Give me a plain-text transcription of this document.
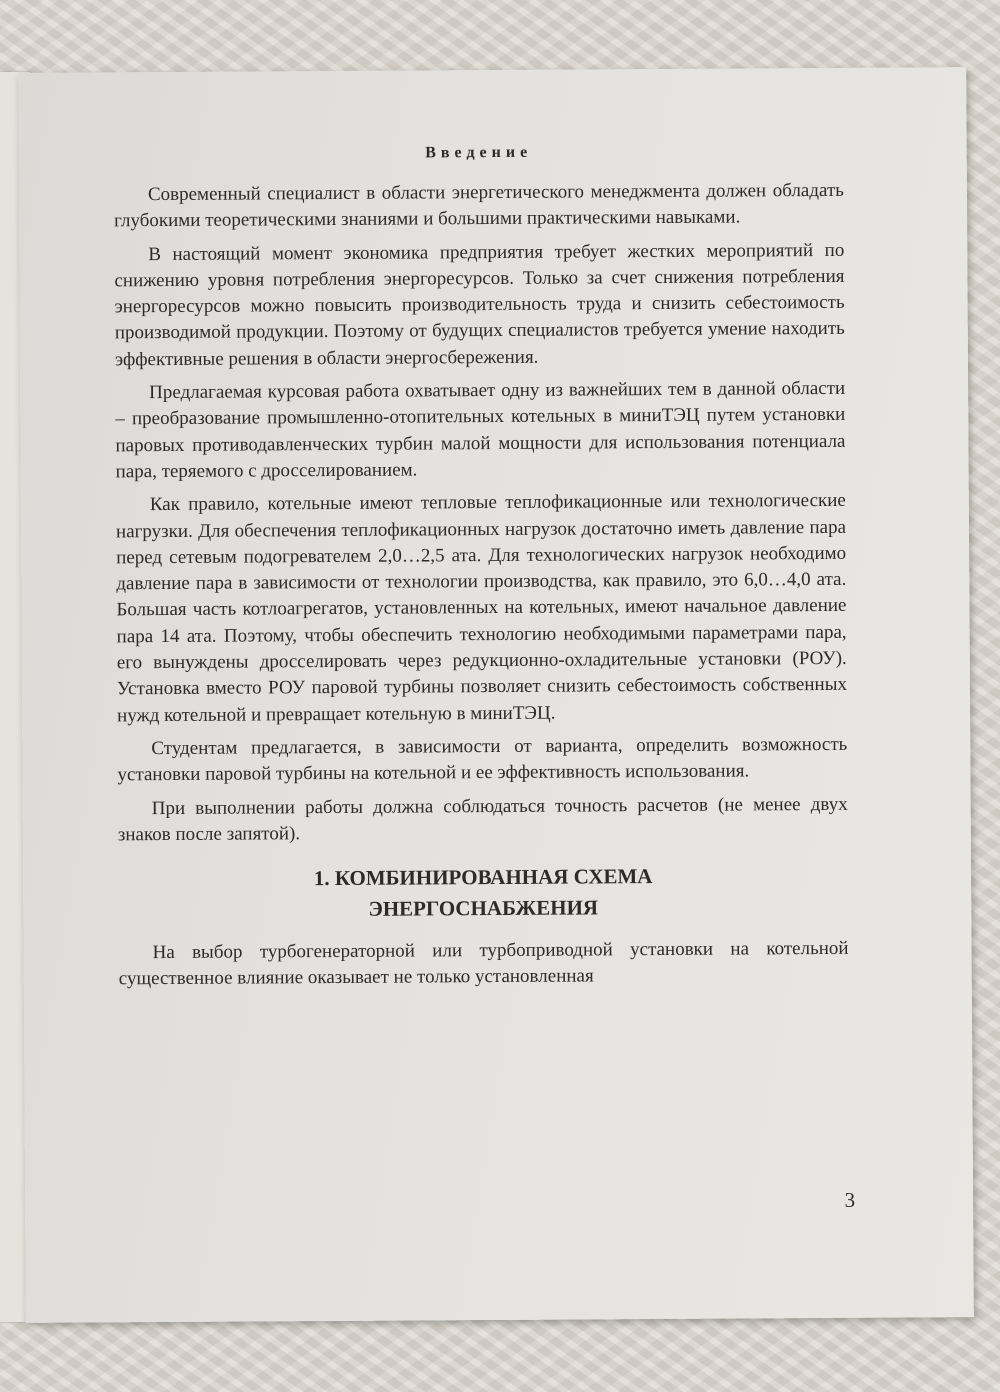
Введение

Современный специалист в области энергетического менеджмента должен обладать глубокими теоретическими знаниями и большими практическими навыками.

В настоящий момент экономика предприятия требует жестких мероприятий по снижению уровня потребления энергоресурсов. Только за счет снижения потребления энергоресурсов можно повысить производительность труда и снизить себестоимость производимой продукции. Поэтому от будущих специалистов требуется умение находить эффективные решения в области энергосбережения.

Предлагаемая курсовая работа охватывает одну из важнейших тем в данной области – преобразование промышленно-отопительных котельных в миниТЭЦ путем установки паровых противодавленческих турбин малой мощности для использования потенциала пара, теряемого с дросселированием.

Как правило, котельные имеют тепловые теплофикационные или технологические нагрузки. Для обеспечения теплофикационных нагрузок достаточно иметь давление пара перед сетевым подогревателем 2,0…2,5 ата. Для технологических нагрузок необходимо давление пара в зависимости от технологии производства, как правило, это 6,0…4,0 ата. Большая часть котлоагрегатов, установленных на котельных, имеют начальное давление пара 14 ата. Поэтому, чтобы обеспечить технологию необходимыми параметрами пара, его вынуждены дросселировать через редукционно-охладительные установки (РОУ). Установка вместо РОУ паровой турбины позволяет снизить себестоимость собственных нужд котельной и превращает котельную в миниТЭЦ.

Студентам предлагается, в зависимости от варианта, определить возможность установки паровой турбины на котельной и ее эффективность использования.

При выполнении работы должна соблюдаться точность расчетов (не менее двух знаков после запятой).

1. КОМБИНИРОВАННАЯ СХЕМА
ЭНЕРГОСНАБЖЕНИЯ

На выбор турбогенераторной или турбоприводной установки на котельной существенное влияние оказывает не только установленная

3
